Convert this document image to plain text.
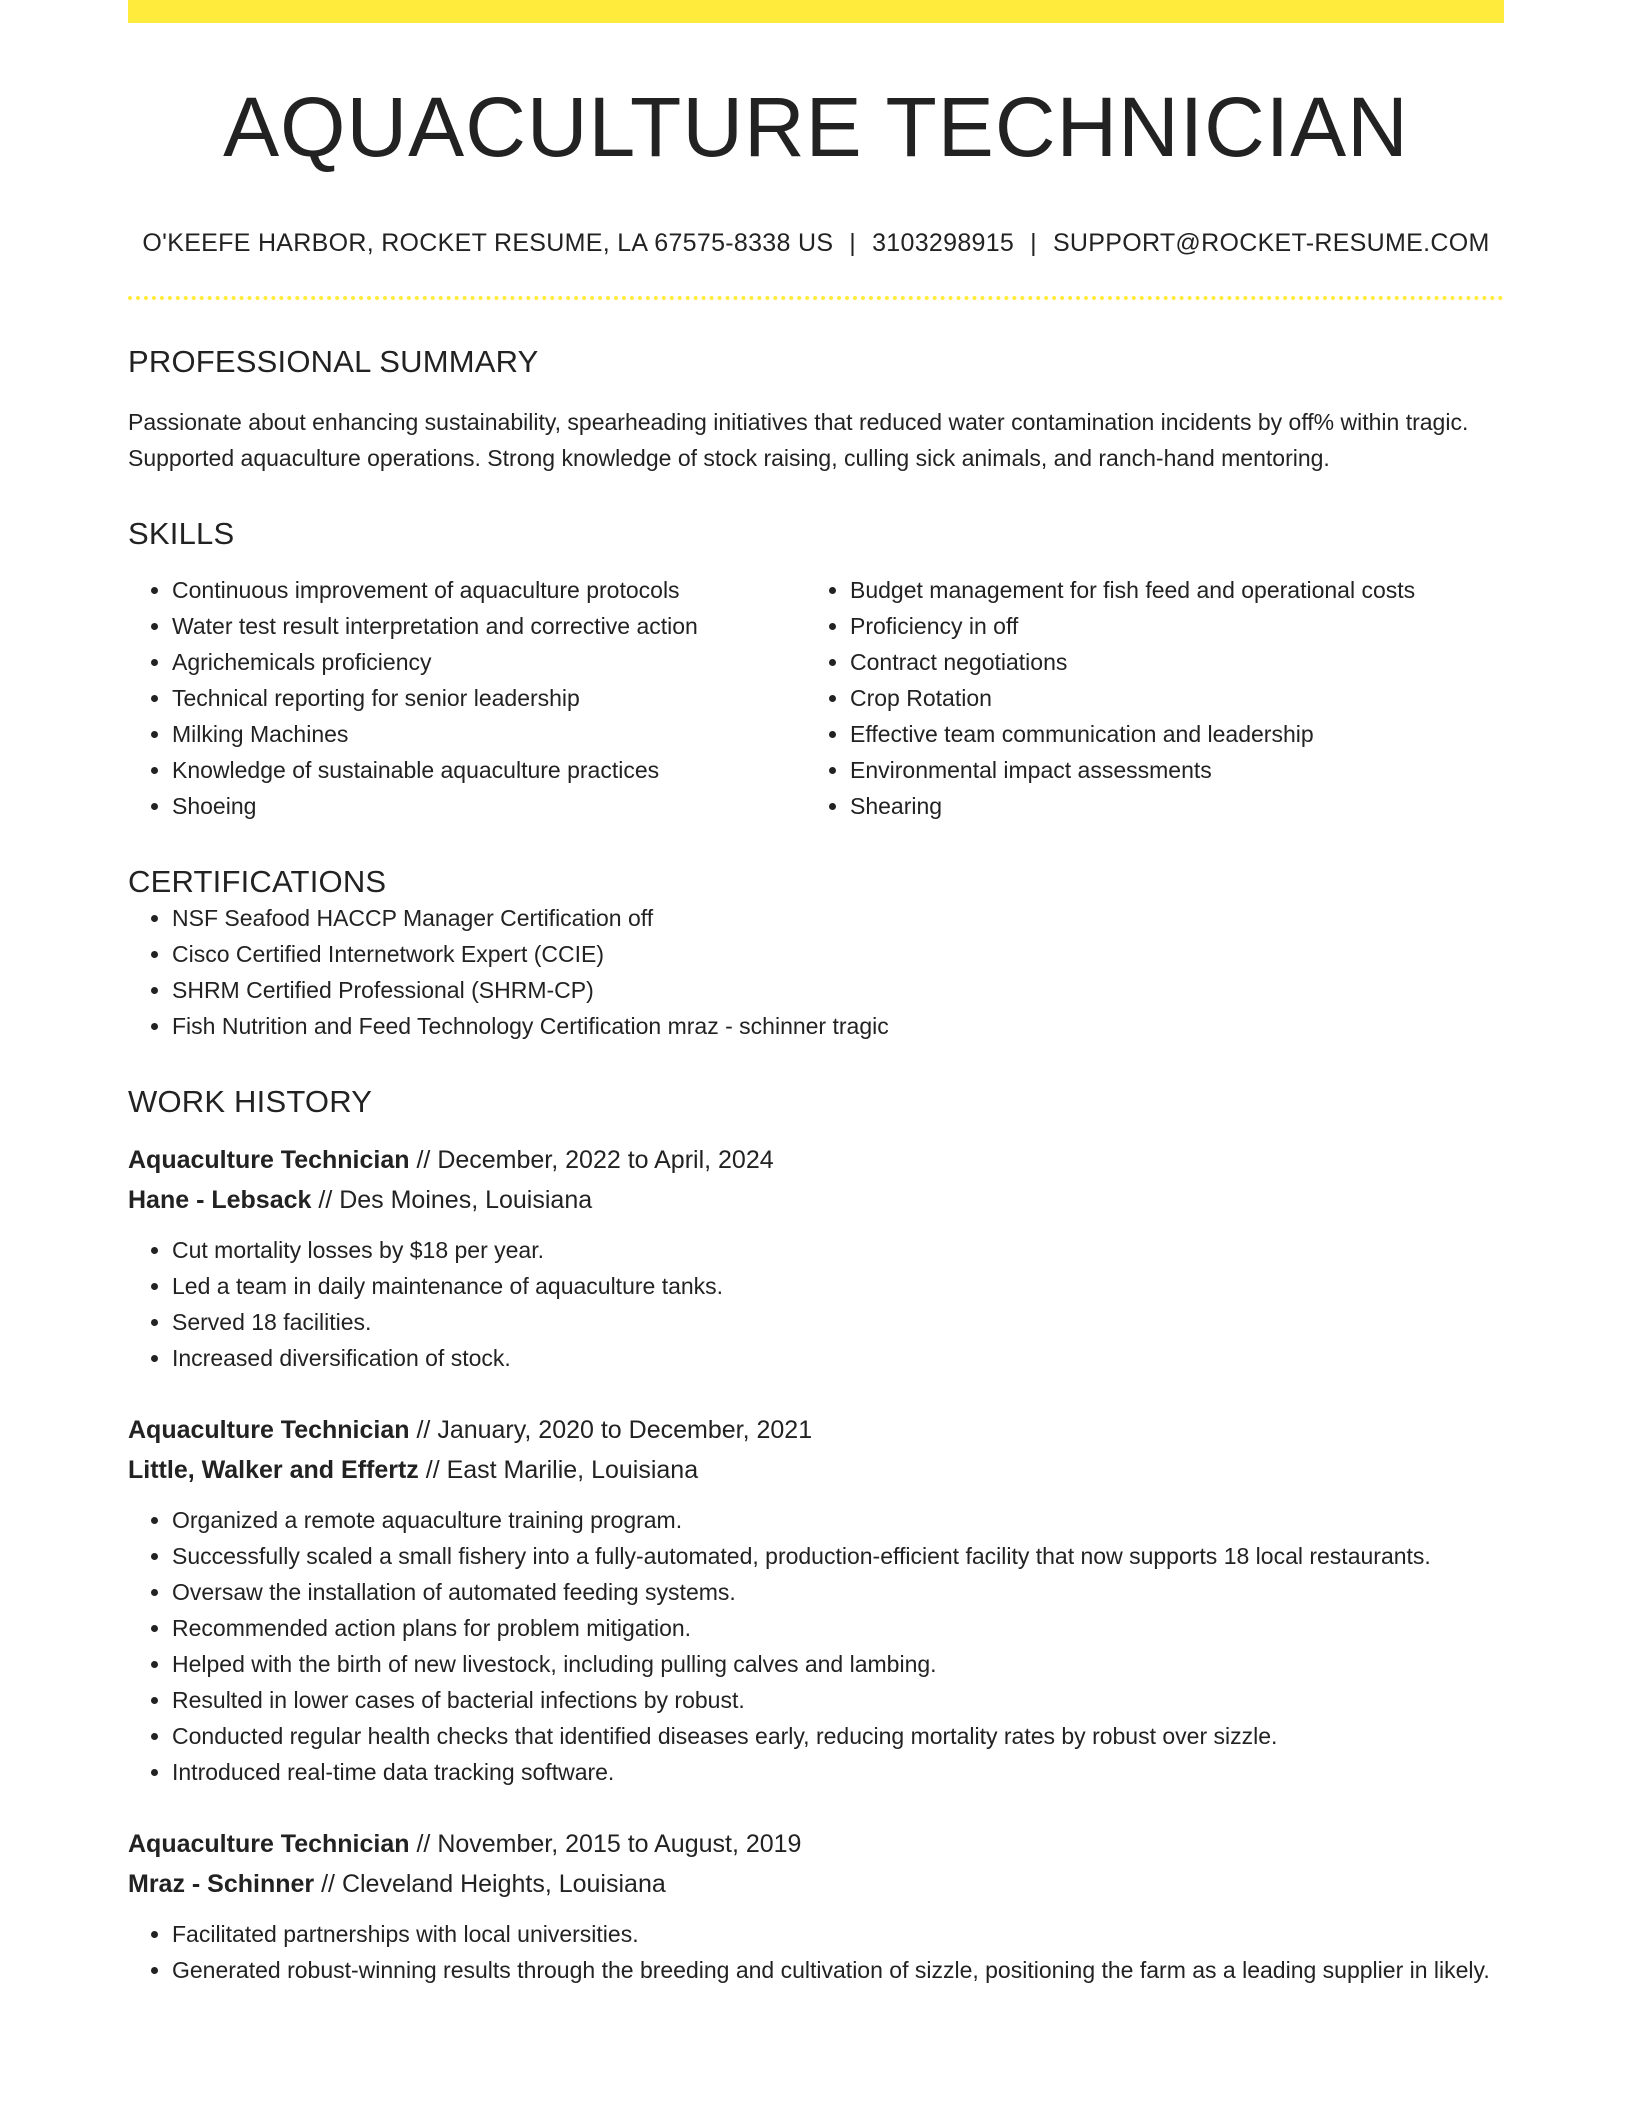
AQUACULTURE TECHNICIAN
O'KEEFE HARBOR, ROCKET RESUME, LA 67575-8338 US | 3103298915 | SUPPORT@ROCKET-RESUME.COM
PROFESSIONAL SUMMARY
Passionate about enhancing sustainability, spearheading initiatives that reduced water contamination incidents by off% within tragic. Supported aquaculture operations. Strong knowledge of stock raising, culling sick animals, and ranch-hand mentoring.
SKILLS
• Continuous improvement of aquaculture protocols
• Water test result interpretation and corrective action
• Agrichemicals proficiency
• Technical reporting for senior leadership
• Milking Machines
• Knowledge of sustainable aquaculture practices
• Shoeing
• Budget management for fish feed and operational costs
• Proficiency in off
• Contract negotiations
• Crop Rotation
• Effective team communication and leadership
• Environmental impact assessments
• Shearing
CERTIFICATIONS
• NSF Seafood HACCP Manager Certification off
• Cisco Certified Internetwork Expert (CCIE)
• SHRM Certified Professional (SHRM-CP)
• Fish Nutrition and Feed Technology Certification mraz - schinner tragic
WORK HISTORY
Aquaculture Technician // December, 2022 to April, 2024
Hane - Lebsack // Des Moines, Louisiana
• Cut mortality losses by $18 per year.
• Led a team in daily maintenance of aquaculture tanks.
• Served 18 facilities.
• Increased diversification of stock.
Aquaculture Technician // January, 2020 to December, 2021
Little, Walker and Effertz // East Marilie, Louisiana
• Organized a remote aquaculture training program.
• Successfully scaled a small fishery into a fully-automated, production-efficient facility that now supports 18 local restaurants.
• Oversaw the installation of automated feeding systems.
• Recommended action plans for problem mitigation.
• Helped with the birth of new livestock, including pulling calves and lambing.
• Resulted in lower cases of bacterial infections by robust.
• Conducted regular health checks that identified diseases early, reducing mortality rates by robust over sizzle.
• Introduced real-time data tracking software.
Aquaculture Technician // November, 2015 to August, 2019
Mraz - Schinner // Cleveland Heights, Louisiana
• Facilitated partnerships with local universities.
• Generated robust-winning results through the breeding and cultivation of sizzle, positioning the farm as a leading supplier in likely.
